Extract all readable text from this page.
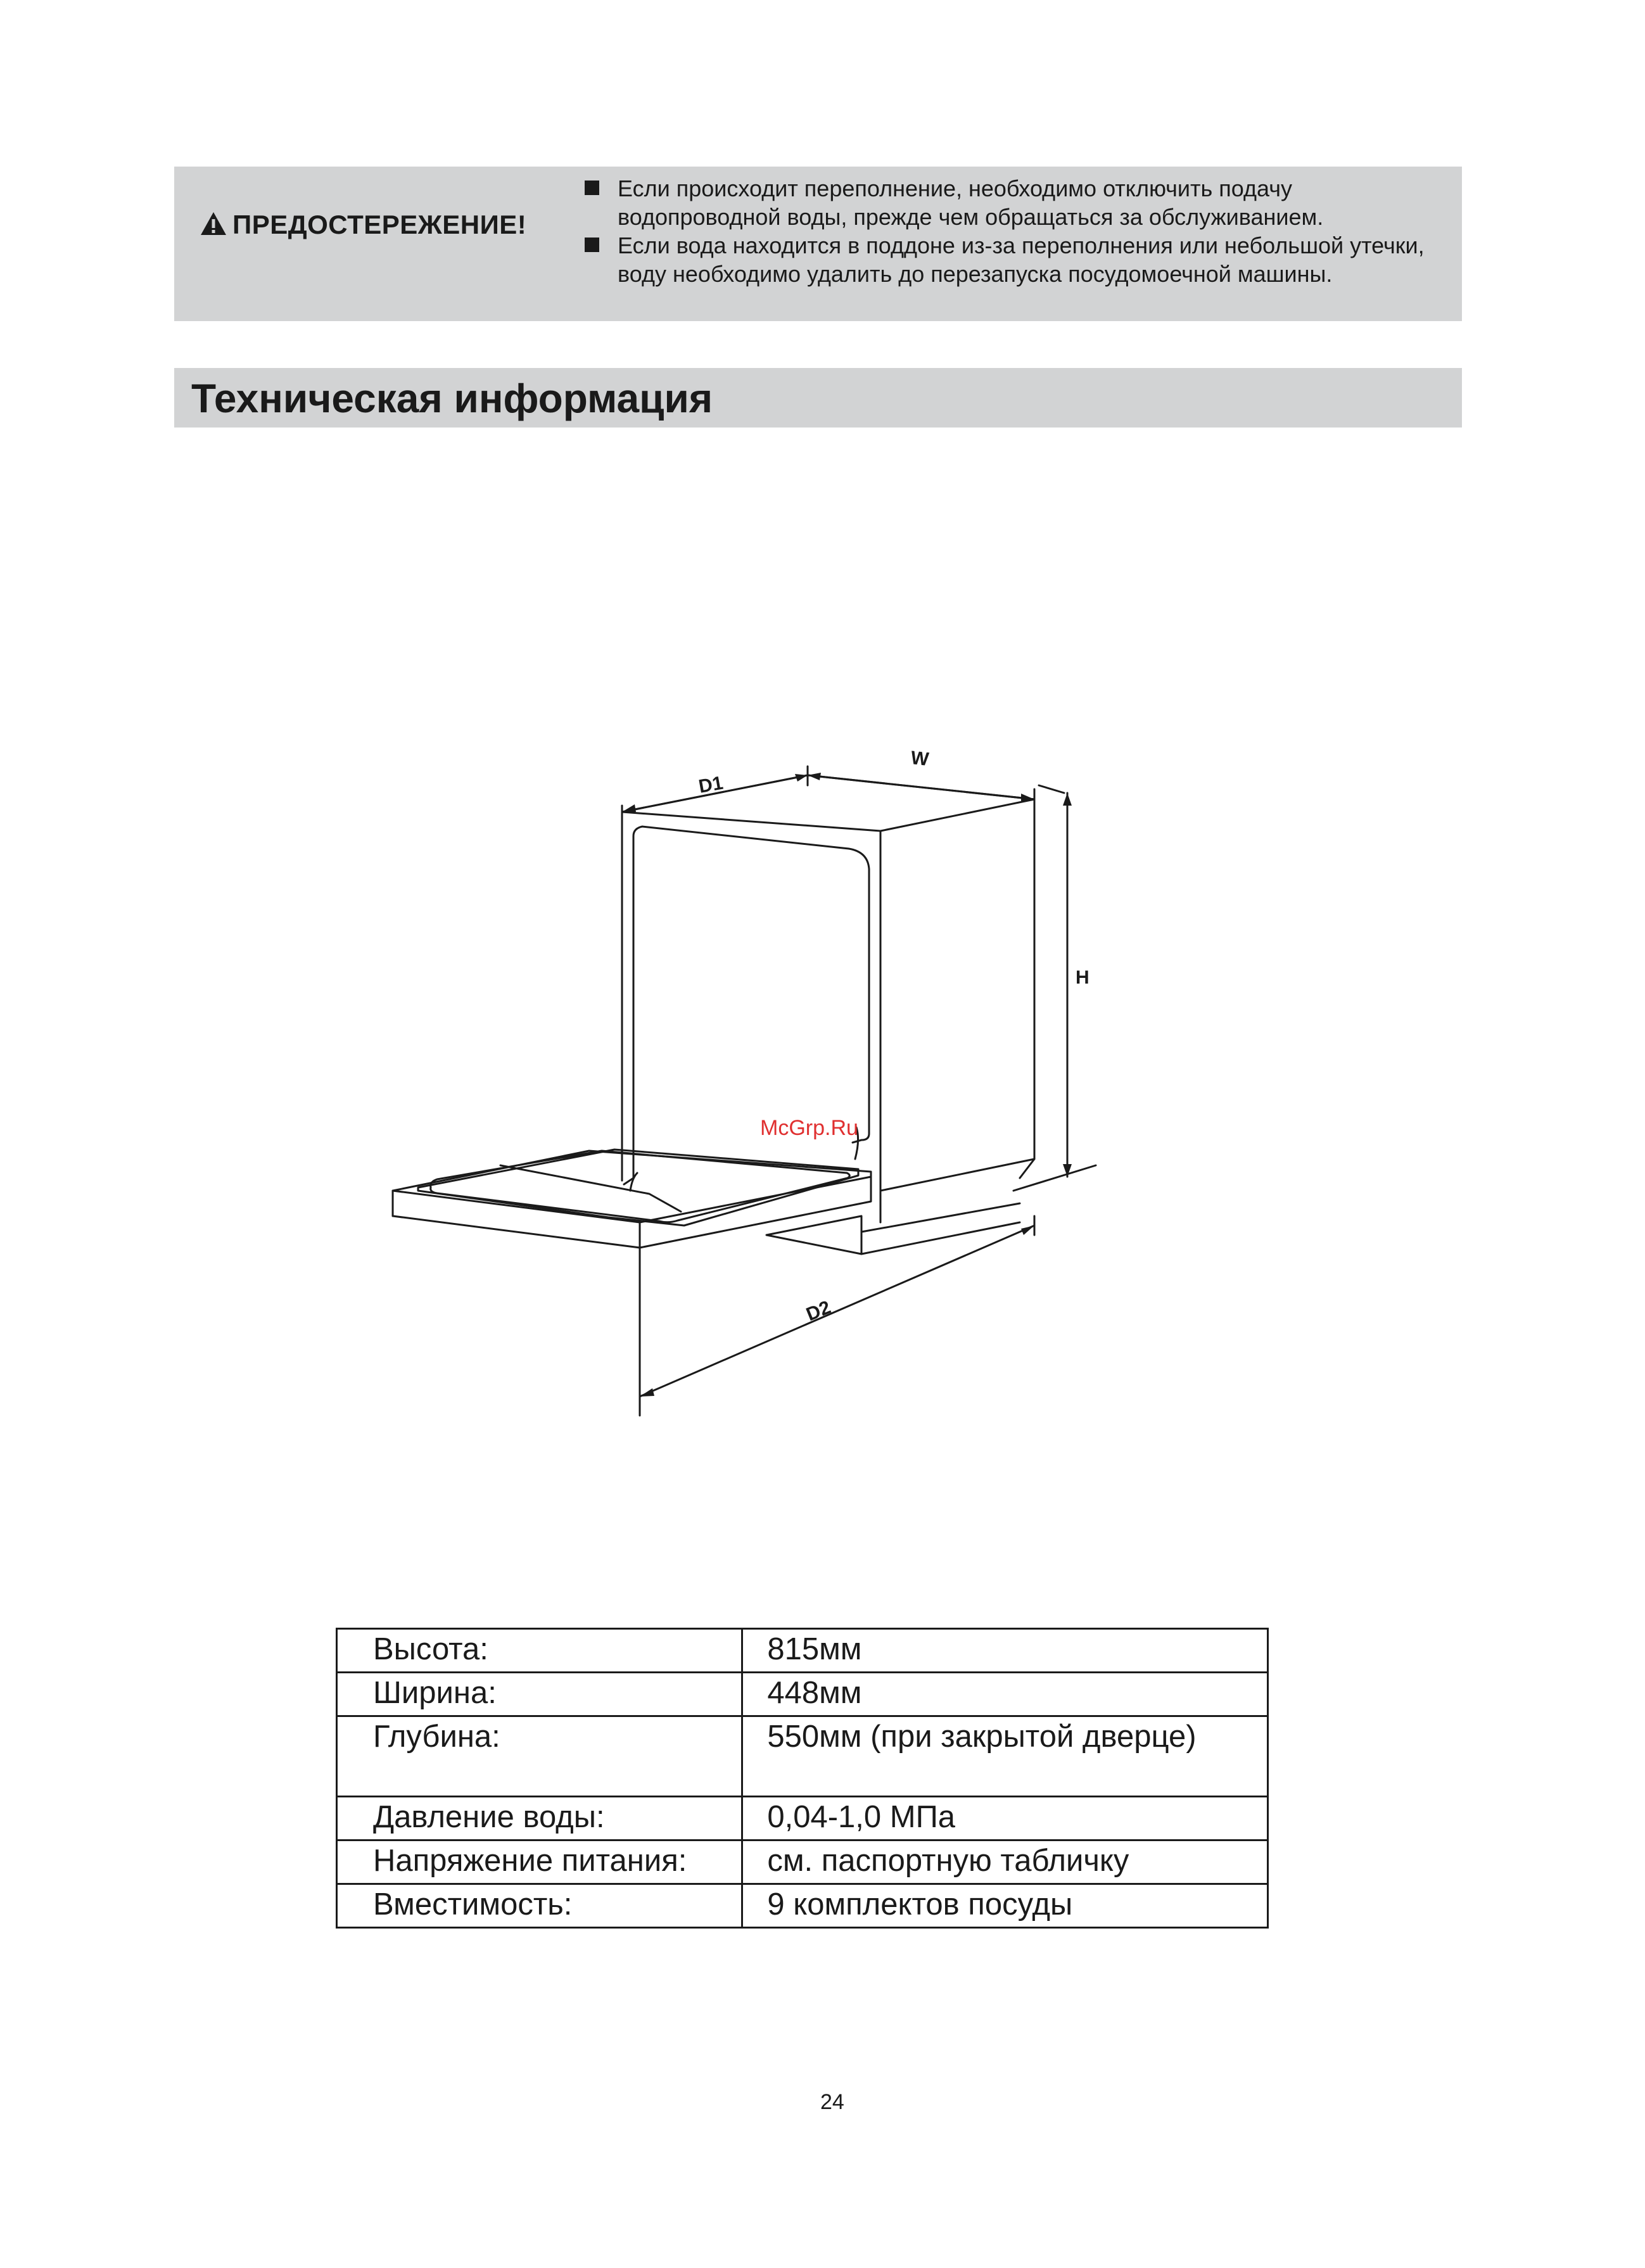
ПРЕДОСТЕРЕЖЕНИЕ!
Если происходит переполнение, необходимо отключить подачу водопроводной воды, прежде чем обращаться за обслуживанием.
Если вода находится в поддоне из-за переполнения или небольшой утечки, воду необходимо удалить до перезапуска посудомоечной машины.
Техническая информация
D1
W
H
D2
McGrp.Ru
Высота:	815мм
Ширина:	448мм
Глубина:	550мм (при закрытой дверце)
Давление воды:	0,04-1,0 МПа
Напряжение питания:	см. паспортную табличку
Вместимость:	9 комплектов посуды
24
